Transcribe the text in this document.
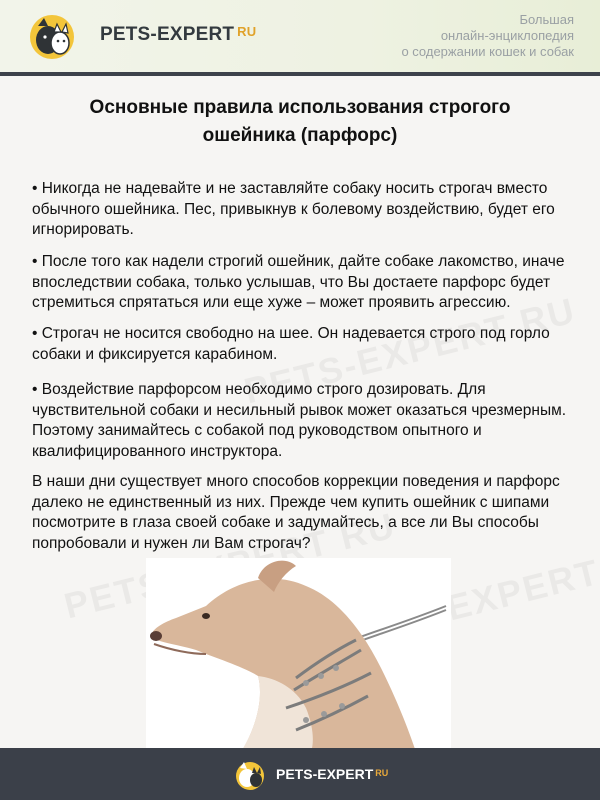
PETS-EXPERT $^{RU}$
Большая
онлайн-энциклопедия
о содержании кошек и собак
Основные правила использования строгого
ошейника (парфорс)
• Никогда не надевайте и не заставляйте собаку носить строгач вместо обычного ошейника. Пес, привыкнув к болевому воздействию, будет его игнорировать.
• После того как надели строгий ошейник, дайте собаке лакомство, иначе впоследствии собака, только услышав, что Вы достаете парфорс будет стремиться спрятаться или еще хуже – может проявить агрессию.
• Строгач не носится свободно на шее. Он надевается строго под горло собаки и фиксируется карабином.
• Воздействие парфорсом необходимо строго дозировать. Для чувствительной собаки и несильный рывок может оказаться чрезмерным. Поэтому занимайтесь с собакой под руководством опытного и квалифицированного инструктора.
В наши дни существует много способов коррекции поведения и парфорс далеко не единственный из них. Прежде чем купить ошейник с шипами посмотрите в глаза своей собаке и задумайтесь, а все ли Вы способы попробовали и нужен ли Вам строгач?
PETS-EXPERT $^{RU}$
